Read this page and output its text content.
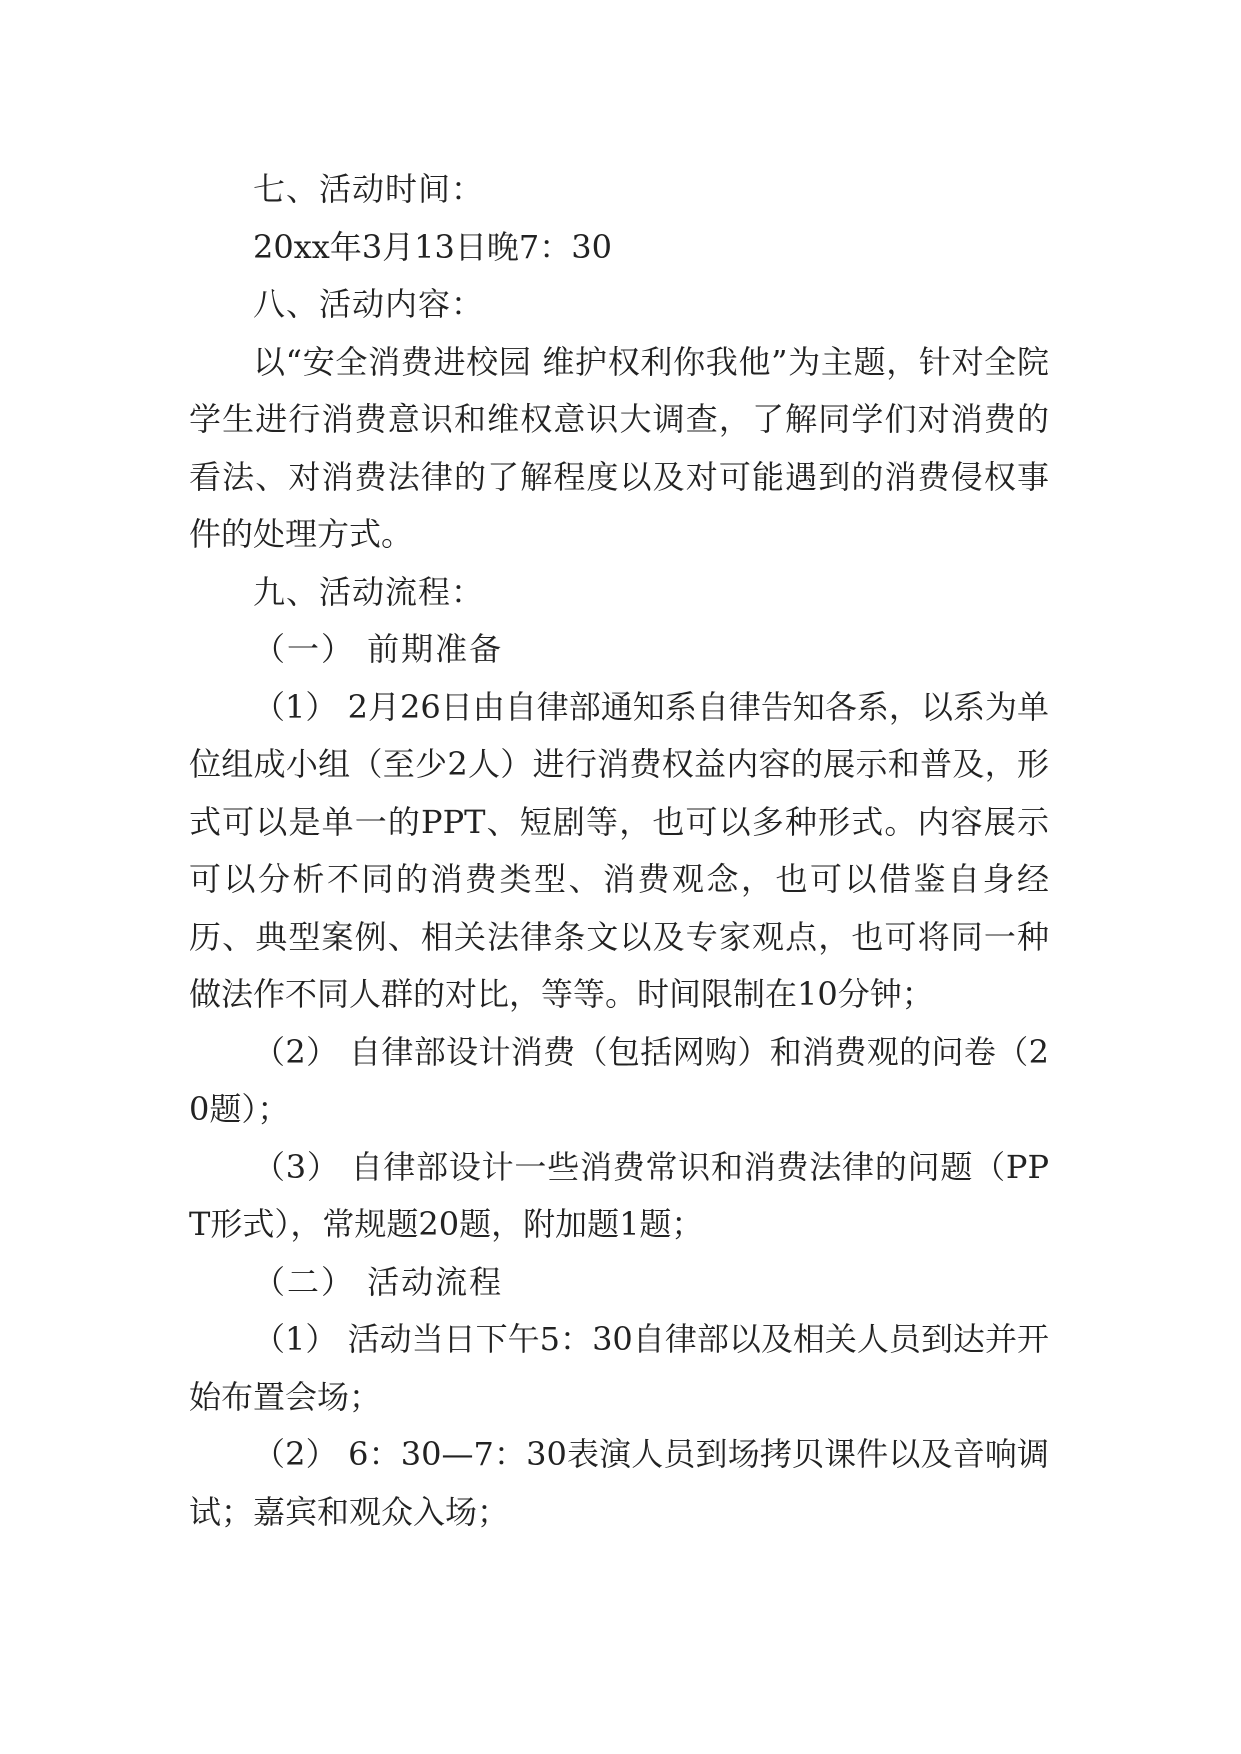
七、活动时间：

20xx年3月13日晚7：30

八、活动内容：

以“安全消费进校园 维护权利你我他”为主题，针对全院学生进行消费意识和维权意识大调查，了解同学们对消费的看法、对消费法律的了解程度以及对可能遇到的消费侵权事件的处理方式。

九、活动流程：

（一） 前期准备

（1） 2月26日由自律部通知系自律告知各系，以系为单位组成小组（至少2人）进行消费权益内容的展示和普及，形式可以是单一的PPT、短剧等，也可以多种形式。内容展示可以分析不同的消费类型、消费观念，也可以借鉴自身经历、典型案例、相关法律条文以及专家观点，也可将同一种做法作不同人群的对比，等等。时间限制在10分钟；

（2） 自律部设计消费（包括网购）和消费观的问卷（20题）；

（3） 自律部设计一些消费常识和消费法律的问题（PPT形式），常规题20题，附加题1题；

（二） 活动流程

（1） 活动当日下午5：30自律部以及相关人员到达并开始布置会场；

（2） 6：30—7：30表演人员到场拷贝课件以及音响调试；嘉宾和观众入场；
